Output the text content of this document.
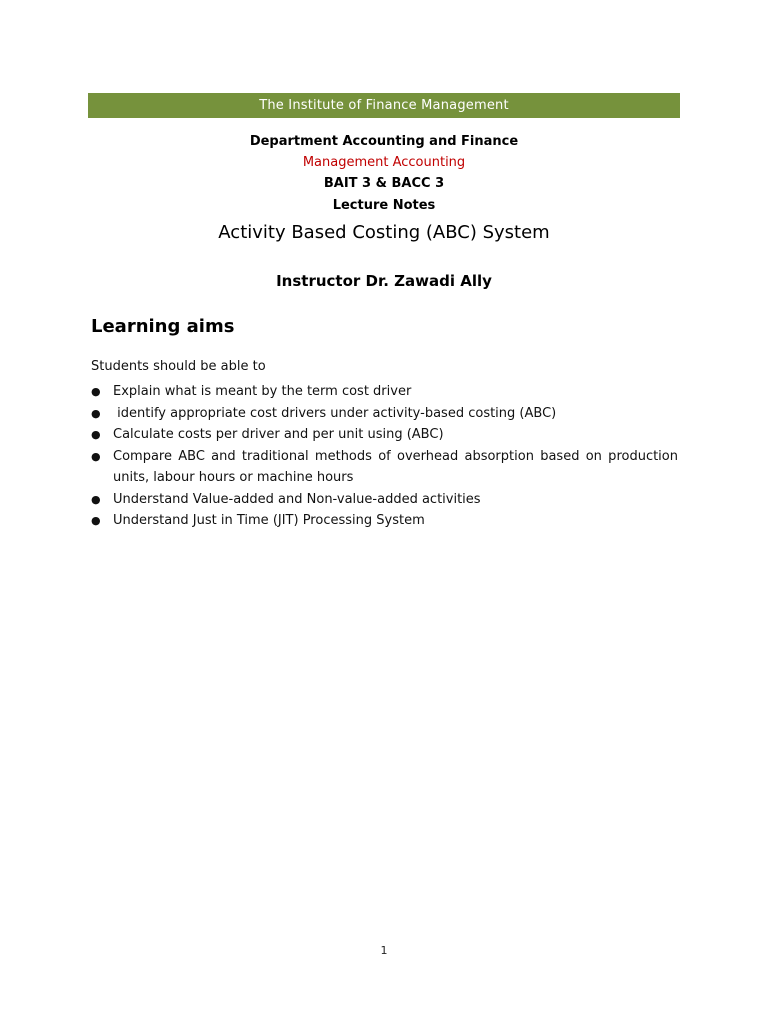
The Institute of Finance Management
Department Accounting and Finance
Management Accounting
BAIT 3 & BACC 3
Lecture Notes
Activity Based Costing (ABC) System
Instructor Dr. Zawadi Ally
Learning aims
Students should be able to
● Explain what is meant by the term cost driver
● identify appropriate cost drivers under activity-based costing (ABC)
● Calculate costs per driver and per unit using (ABC)
● Compare ABC and traditional methods of overhead absorption based on production units, labour hours or machine hours
● Understand Value-added and Non-value-added activities
● Understand Just in Time (JIT) Processing System
1
